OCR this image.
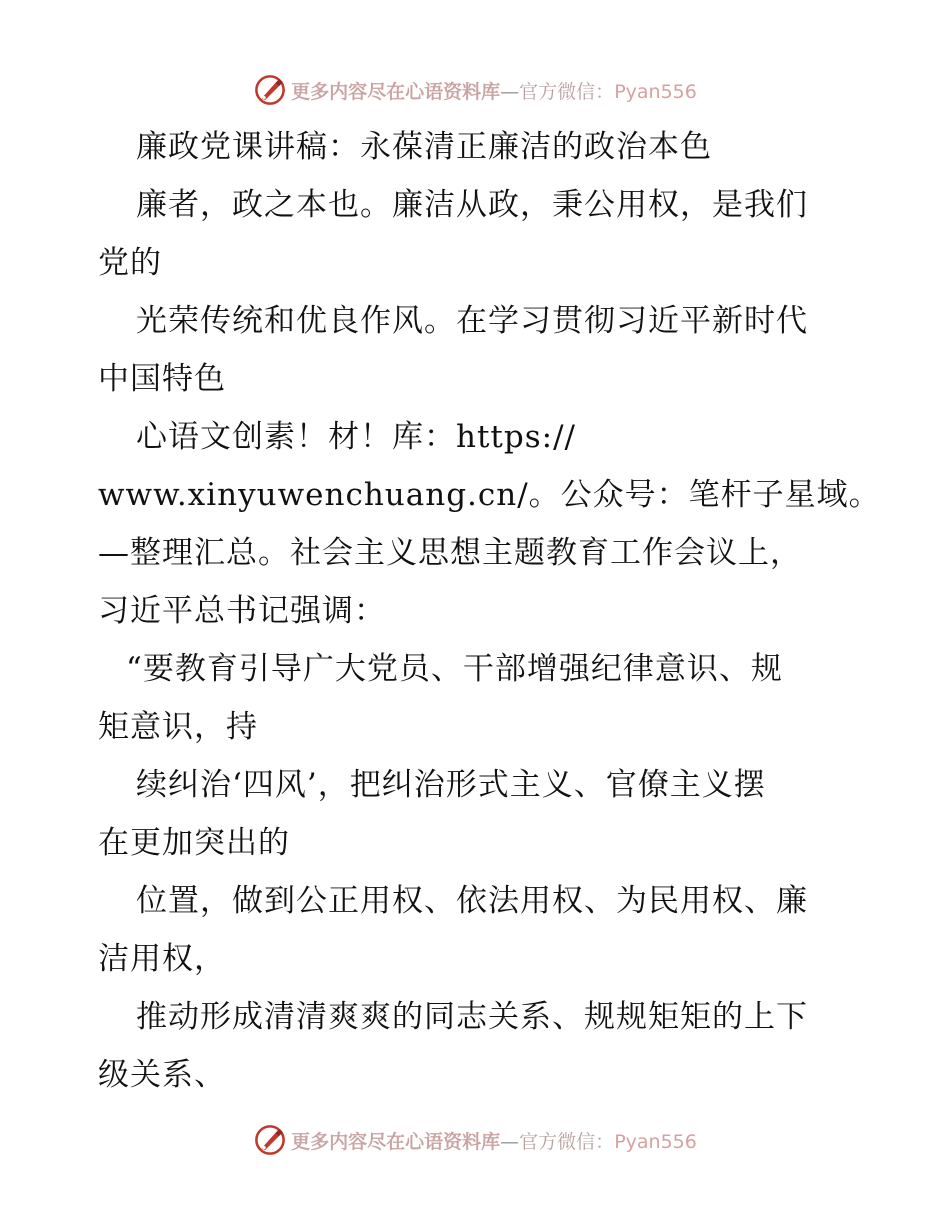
更多内容尽在心语资料库—官方微信：Pyan556
廉政党课讲稿：永葆清正廉洁的政治本色
廉者，政之本也。廉洁从政，秉公用权，是我们
党的
光荣传统和优良作风。在学习贯彻习近平新时代
中国特色
心语文创素！材！库：https://
www.xinyuwenchuang.cn/。公众号：笔杆子星域。
—整理汇总。社会主义思想主题教育工作会议上，
习近平总书记强调：
“要教育引导广大党员、干部增强纪律意识、规
矩意识，持
续纠治‘四风’，把纠治形式主义、官僚主义摆
在更加突出的
位置，做到公正用权、依法用权、为民用权、廉
洁用权，
推动形成清清爽爽的同志关系、规规矩矩的上下
级关系、
更多内容尽在心语资料库—官方微信：Pyan556
